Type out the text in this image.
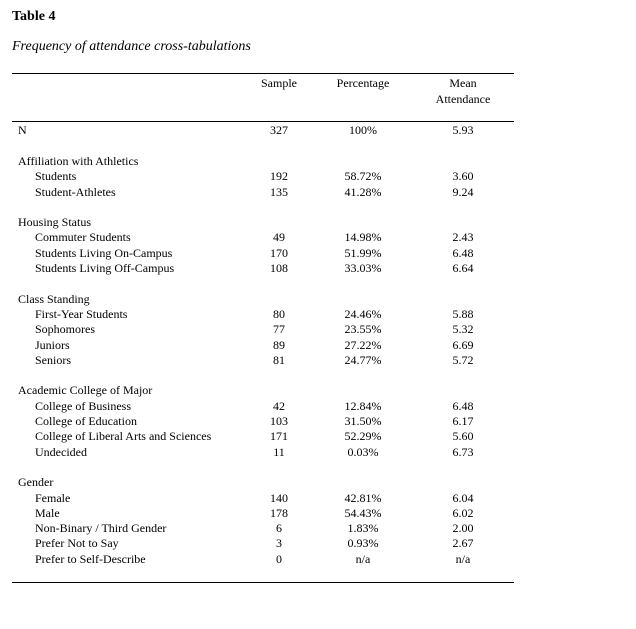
Table 4
Frequency of attendance cross-tabulations
Sample	Percentage	Mean
Attendance
N	327	100%	5.93
Affiliation with Athletics
Students	192	58.72%	3.60
Student-Athletes	135	41.28%	9.24
Housing Status
Commuter Students	49	14.98%	2.43
Students Living On-Campus	170	51.99%	6.48
Students Living Off-Campus	108	33.03%	6.64
Class Standing
First-Year Students	80	24.46%	5.88
Sophomores	77	23.55%	5.32
Juniors	89	27.22%	6.69
Seniors	81	24.77%	5.72
Academic College of Major
College of Business	42	12.84%	6.48
College of Education	103	31.50%	6.17
College of Liberal Arts and Sciences	171	52.29%	5.60
Undecided	11	0.03%	6.73
Gender
Female	140	42.81%	6.04
Male	178	54.43%	6.02
Non-Binary / Third Gender	6	1.83%	2.00
Prefer Not to Say	3	0.93%	2.67
Prefer to Self-Describe	0	n/a	n/a
